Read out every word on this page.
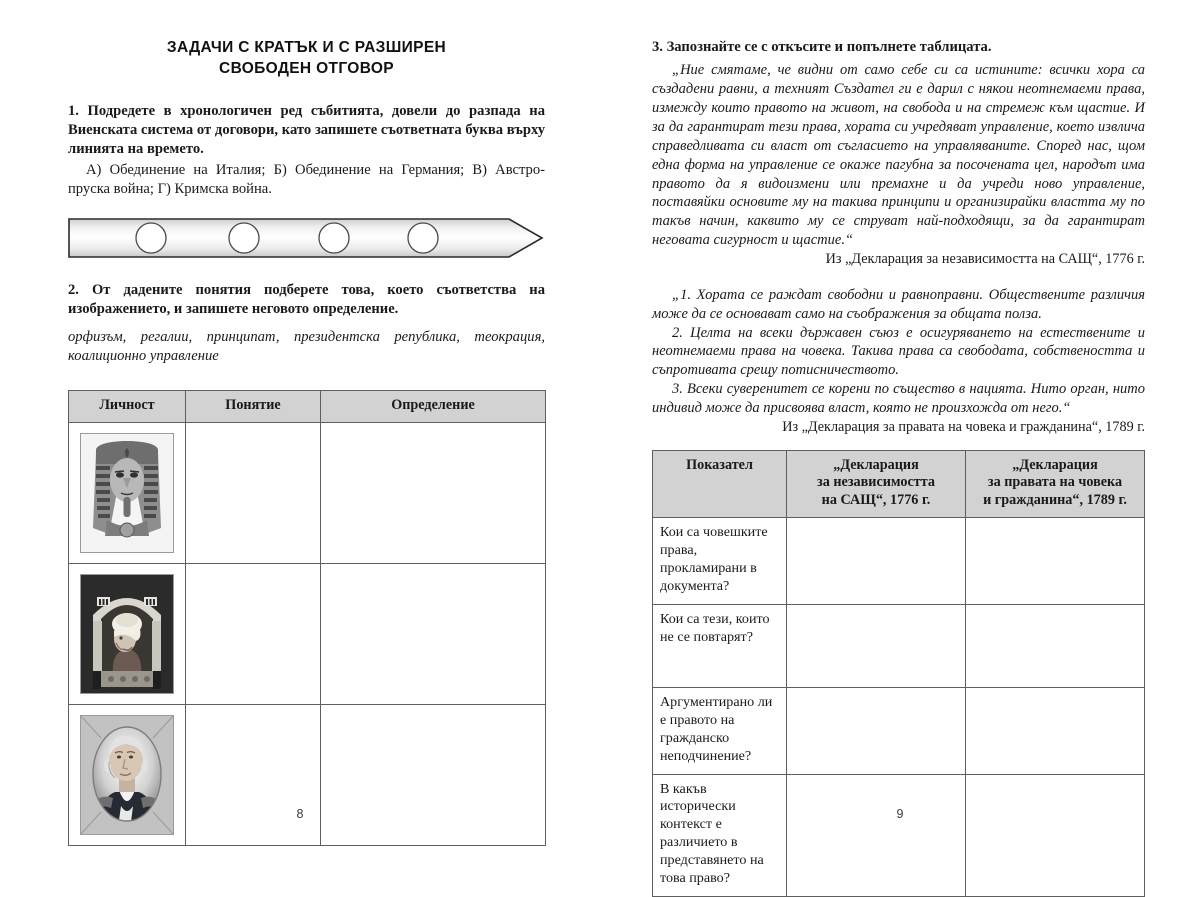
ЗАДАЧИ С КРАТЪК И С РАЗШИРЕН
СВОБОДЕН ОТГОВОР

1. Подредете в хронологичен ред събитията, довели до разпада на Виенската система от договори, като запишете съответната буква върху линията на времето.

А) Обединение на Италия; Б) Обединение на Германия; В) Австро-пруска война; Г) Кримска война.

2. От дадените понятия подберете това, което съответства на изображението, и запишете неговото определение.

орфизъм, регалии, принципат, президентска република, теокрация, коалиционно управление

Личност	Понятие	Определение

8

3. Запознайте се с откъсите и попълнете таблицата.

„Ние смятаме, че видни от само себе си са истините: всички хора са създадени равни, а техният Създател ги е дарил с някои неотнемаеми права, измежду които правото на живот, на свобода и на стремеж към щастие. И за да гарантират тези права, хората си учредяват управление, което извлича справедливата си власт от съгласието на управляваните. Според нас, щом една форма на управление се окаже пагубна за посочената цел, народът има правото да я видоизмени или премахне и да учреди ново управление, поставяйки основите му на такива принципи и организирайки властта му по такъв начин, каквито му се струват най-подходящи, за да гарантират неговата сигурност и щастие.“

Из „Декларация за независимостта на САЩ“, 1776 г.

„1. Хората се раждат свободни и равноправни. Обществените различия може да се основават само на съображения за общата полза.

2. Целта на всеки държавен съюз е осигуряването на естествените и неотнемаеми права на човека. Такива права са свободата, собствеността и съпротивата срещу потисничеството.

3. Всеки суверенитет се корени по същество в нацията. Нито орган, нито индивид може да присвоява власт, която не произхожда от него.“

Из „Декларация за правата на човека и гражданина“, 1789 г.

Показател	„Декларация
за независимостта
на САЩ“, 1776 г.	„Декларация
за правата на човека
и гражданина“, 1789 г.

Кои са човешките права, прокламирани в документа?		
Кои са тези, които не се повтарят?		
Аргументирано ли е правото на гражданско неподчинение?		
В какъв исторически контекст е различието в представянето на това право?		
9
